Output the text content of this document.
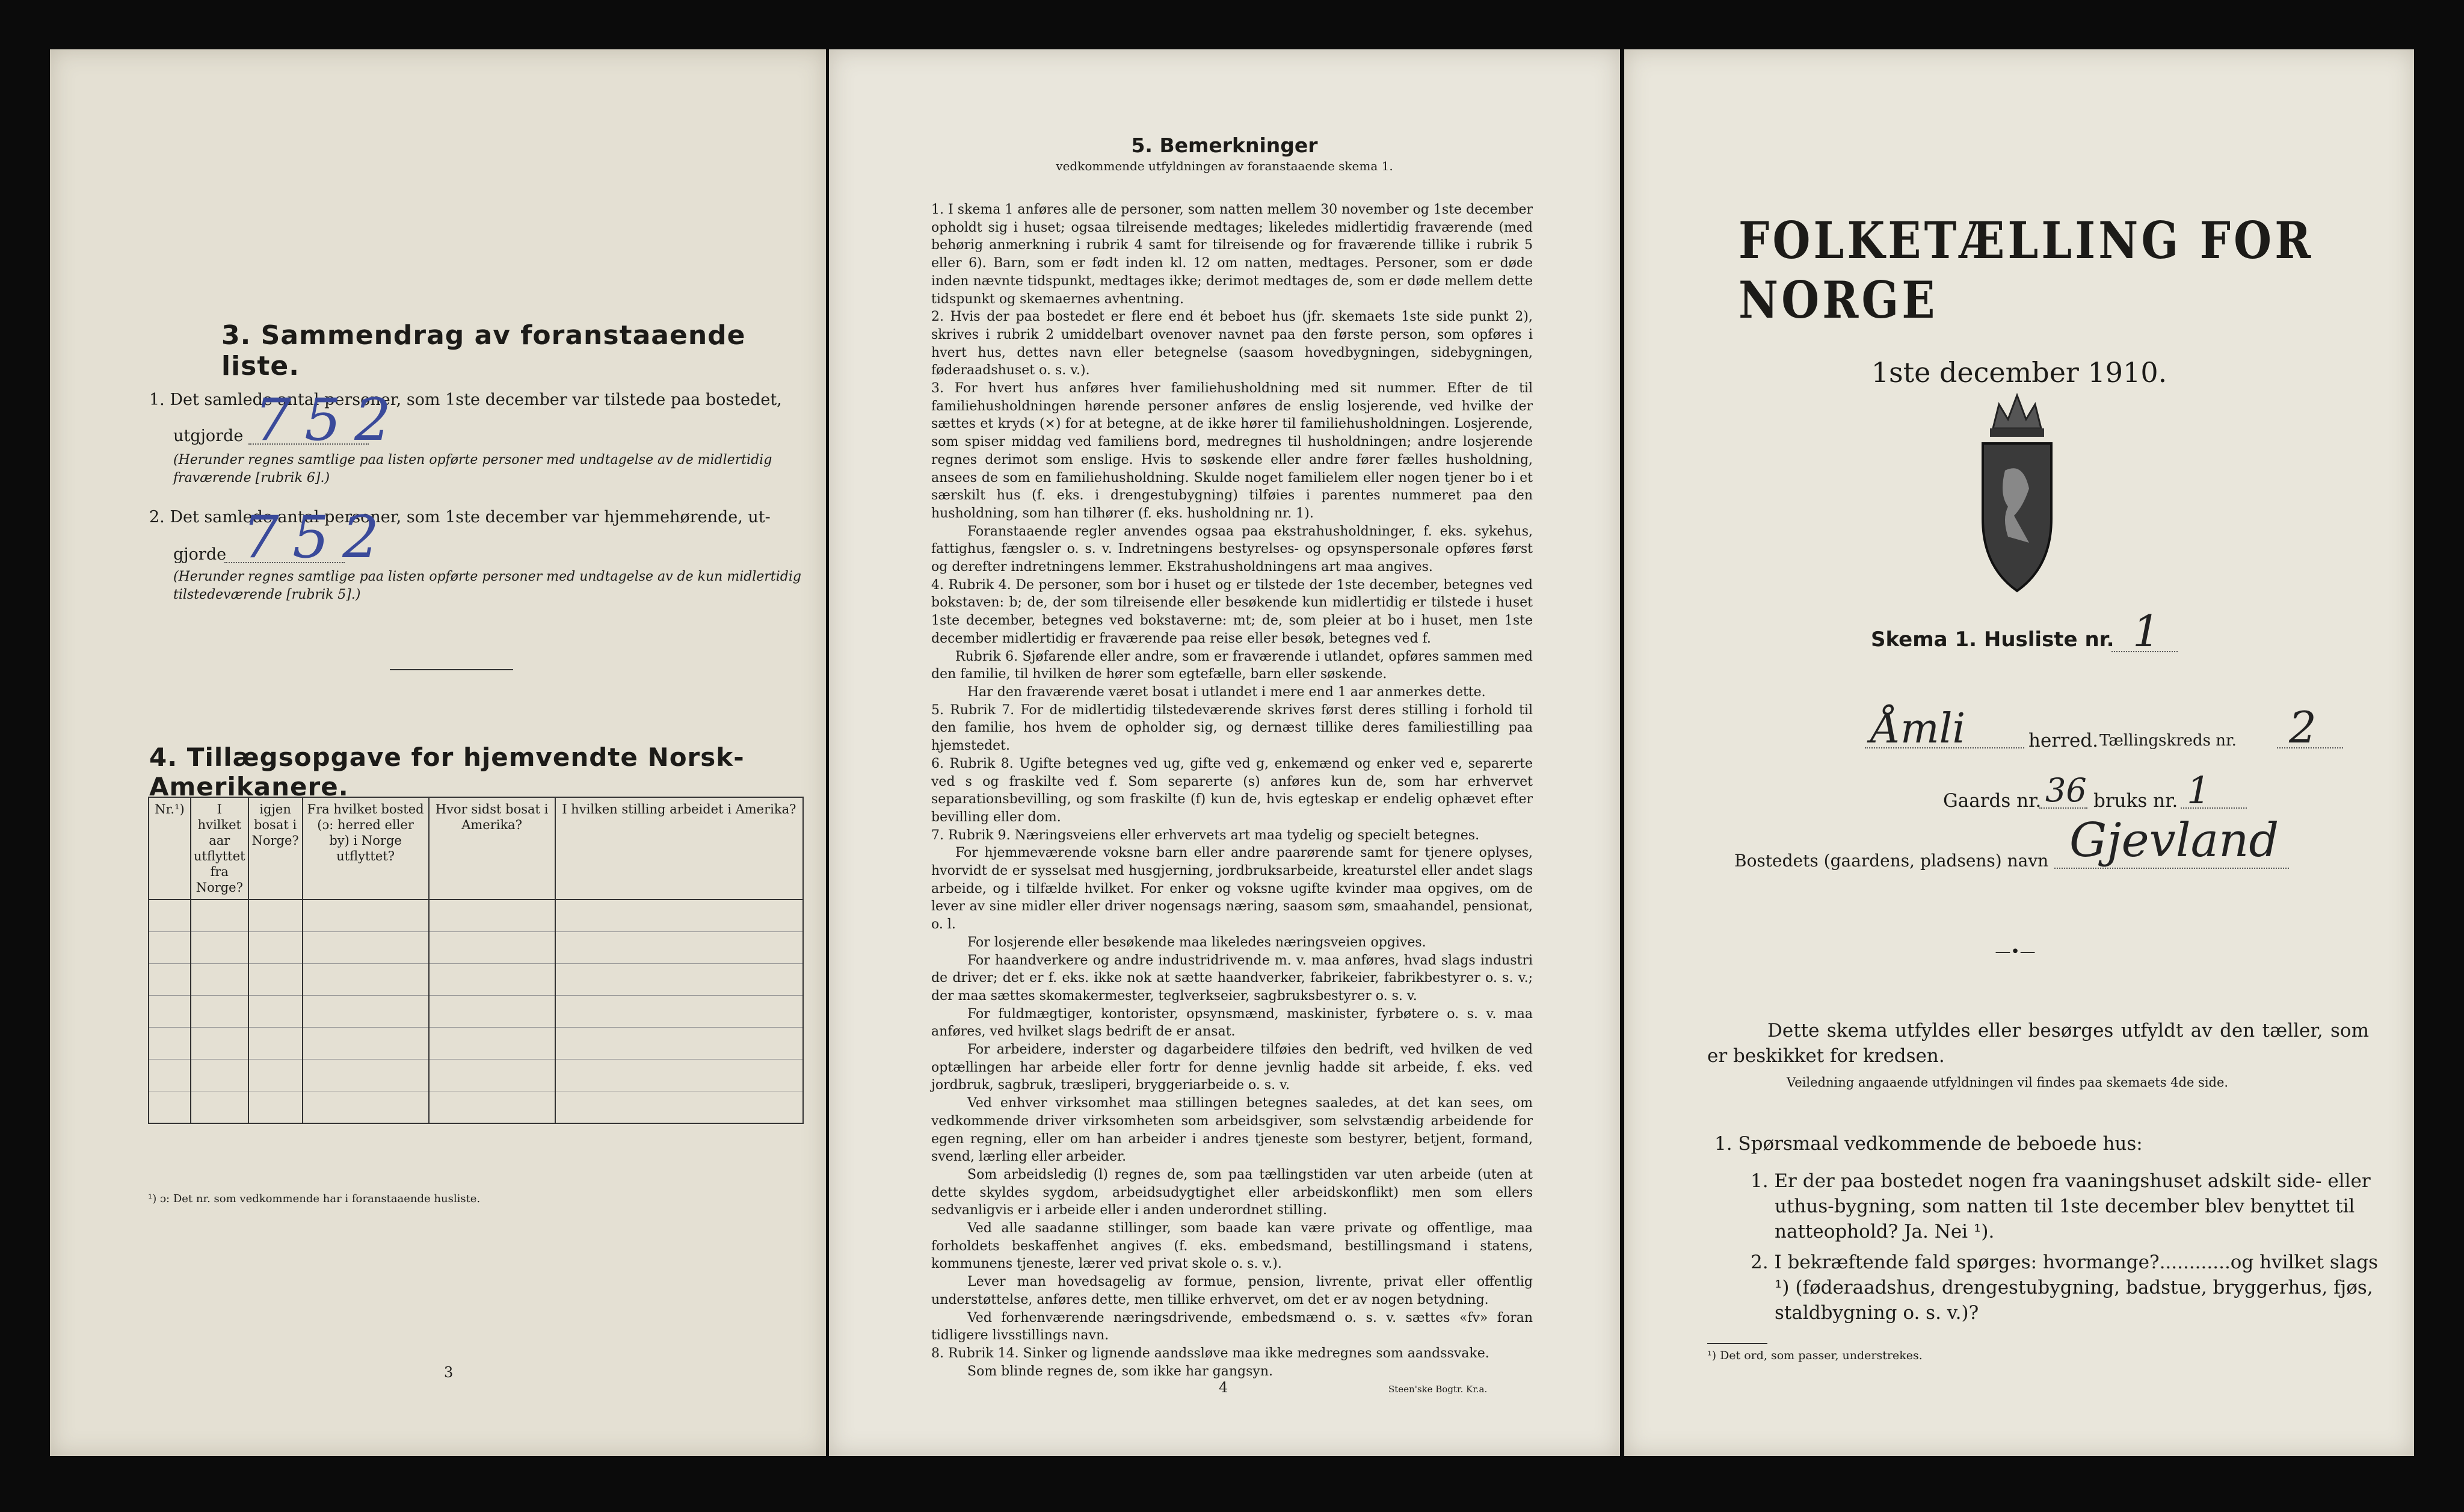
3. Sammendrag av foranstaaende liste.
1. Det samlede antal personer, som 1ste december var tilstede paa bostedet,
utgjorde 752
(Herunder regnes samtlige paa listen opførte personer med undtagelse av de midlertidig fraværende [rubrik 6].)
2. Det samlede antal personer, som 1ste december var hjemmehørende, ut-
gjorde 752
(Herunder regnes samtlige paa listen opførte personer med undtagelse av de kun midlertidig tilstedeværende [rubrik 5].)
4. Tillægsopgave for hjemvendte Norsk-Amerikanere.
Nr.¹)	I hvilket aar utflyttet fra Norge?	igjen bosat i Norge?	Fra hvilket bosted (ɔ: herred eller by) i Norge utflyttet?	Hvor sidst bosat i Amerika?	I hvilken stilling arbeidet i Amerika?

¹) ɔ: Det nr. som vedkommende har i foranstaaende husliste.
3
5. Bemerkninger
vedkommende utfyldningen av foranstaaende skema 1.

1. I skema 1 anføres alle de personer, som natten mellem 30 november og 1ste december opholdt sig i huset; ogsaa tilreisende medtages; likeledes midlertidig fraværende (med behørig anmerkning i rubrik 4 samt for tilreisende og for fraværende tillike i rubrik 5 eller 6). Barn, som er født inden kl. 12 om natten, medtages. Personer, som er døde inden nævnte tidspunkt, medtages ikke; derimot medtages de, som er døde mellem dette tidspunkt og skemaernes avhentning.

2. Hvis der paa bostedet er flere end ét beboet hus (jfr. skemaets 1ste side punkt 2), skrives i rubrik 2 umiddelbart ovenover navnet paa den første person, som opføres i hvert hus, dettes navn eller betegnelse (saasom hovedbygningen, sidebygningen, føderaadshuset o. s. v.).

3. For hvert hus anføres hver familiehusholdning med sit nummer. Efter de til familiehusholdningen hørende personer anføres de enslig losjerende, ved hvilke der sættes et kryds (×) for at betegne, at de ikke hører til familiehusholdningen. Losjerende, som spiser middag ved familiens bord, medregnes til husholdningen; andre losjerende regnes derimot som enslige. Hvis to søskende eller andre fører fælles husholdning, ansees de som en familiehusholdning. Skulde noget familielem eller nogen tjener bo i et særskilt hus (f. eks. i drengestubygning) tilføies i parentes nummeret paa den husholdning, som han tilhører (f. eks. husholdning nr. 1).

Foranstaaende regler anvendes ogsaa paa ekstrahusholdninger, f. eks. sykehus, fattighus, fængsler o. s. v. Indretningens bestyrelses- og opsynspersonale opføres først og derefter indretningens lemmer. Ekstrahusholdningens art maa angives.

4. Rubrik 4. De personer, som bor i huset og er tilstede der 1ste december, betegnes ved bokstaven: b; de, der som tilreisende eller besøkende kun midlertidig er tilstede i huset 1ste december, betegnes ved bokstaverne: mt; de, som pleier at bo i huset, men 1ste december midlertidig er fraværende paa reise eller besøk, betegnes ved f.

Rubrik 6. Sjøfarende eller andre, som er fraværende i utlandet, opføres sammen med den familie, til hvilken de hører som egtefælle, barn eller søskende.

Har den fraværende været bosat i utlandet i mere end 1 aar anmerkes dette.

5. Rubrik 7. For de midlertidig tilstedeværende skrives først deres stilling i forhold til den familie, hos hvem de opholder sig, og dernæst tillike deres familiestilling paa hjemstedet.

6. Rubrik 8. Ugifte betegnes ved ug, gifte ved g, enkemænd og enker ved e, separerte ved s og fraskilte ved f. Som separerte (s) anføres kun de, som har erhvervet separationsbevilling, og som fraskilte (f) kun de, hvis egteskap er endelig ophævet efter bevilling eller dom.

7. Rubrik 9. Næringsveiens eller erhvervets art maa tydelig og specielt betegnes.

For hjemmeværende voksne barn eller andre paarørende samt for tjenere oplyses, hvorvidt de er sysselsat med husgjerning, jordbruksarbeide, kreaturstel eller andet slags arbeide, og i tilfælde hvilket. For enker og voksne ugifte kvinder maa opgives, om de lever av sine midler eller driver nogensags næring, saasom søm, smaahandel, pensionat, o. l.

For losjerende eller besøkende maa likeledes næringsveien opgives.

For haandverkere og andre industridrivende m. v. maa anføres, hvad slags industri de driver; det er f. eks. ikke nok at sætte haandverker, fabrikeier, fabrikbestyrer o. s. v.; der maa sættes skomakermester, teglverkseier, sagbruksbestyrer o. s. v.

For fuldmægtiger, kontorister, opsynsmænd, maskinister, fyrbøtere o. s. v. maa anføres, ved hvilket slags bedrift de er ansat.

For arbeidere, inderster og dagarbeidere tilføies den bedrift, ved hvilken de ved optællingen har arbeide eller fortr for denne jevnlig hadde sit arbeide, f. eks. ved jordbruk, sagbruk, træsliperi, bryggeriarbeide o. s. v.

Ved enhver virksomhet maa stillingen betegnes saaledes, at det kan sees, om vedkommende driver virksomheten som arbeidsgiver, som selvstændig arbeidende for egen regning, eller om han arbeider i andres tjeneste som bestyrer, betjent, formand, svend, lærling eller arbeider.

Som arbeidsledig (l) regnes de, som paa tællingstiden var uten arbeide (uten at dette skyldes sygdom, arbeidsudygtighet eller arbeidskonflikt) men som ellers sedvanligvis er i arbeide eller i anden underordnet stilling.

Ved alle saadanne stillinger, som baade kan være private og offentlige, maa forholdets beskaffenhet angives (f. eks. embedsmand, bestillingsmand i statens, kommunens tjeneste, lærer ved privat skole o. s. v.).

Lever man hovedsagelig av formue, pension, livrente, privat eller offentlig understøttelse, anføres dette, men tillike erhvervet, om det er av nogen betydning.

Ved forhenværende næringsdrivende, embedsmænd o. s. v. sættes «fv» foran tidligere livsstillings navn.

8. Rubrik 14. Sinker og lignende aandssløve maa ikke medregnes som aandssvake.

Som blinde regnes de, som ikke har gangsyn.

4	Steen'ske Bogtr. Kr.a.
FOLKETÆLLING FOR NORGE
1ste december 1910.
Skema 1. Husliste nr. 1
Åmli	herred. Tællingskreds nr. 2
Gaards nr. 36 bruks nr. 1
Bostedets (gaardens, pladsens) navn Gjevland
—•—
Dette skema utfyldes eller besørges utfyldt av den tæller, som er beskikket for kredsen.
Veiledning angaaende utfyldningen vil findes paa skemaets 4de side.
1. Spørsmaal vedkommende de beboede hus:
1. Er der paa bostedet nogen fra vaaningshuset adskilt side- eller uthus-bygning, som natten til 1ste december blev benyttet til natteophold? Ja. Nei ¹).
2. I bekræftende fald spørges: hvormange?............og hvilket slags ¹) (føderaadshus, drengestubygning, badstue, bryggerhus, fjøs, staldbygning o. s. v.)?
¹) Det ord, som passer, understrekes.
